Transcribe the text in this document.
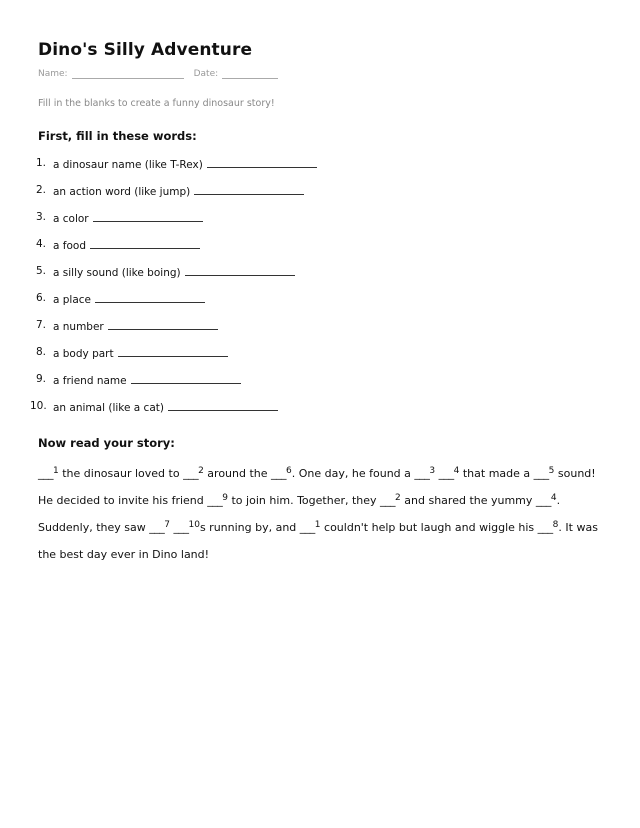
Dino's Silly Adventure
Name:	Date:
Fill in the blanks to create a funny dinosaur story!
First, fill in these words:
1. a dinosaur name (like T-Rex)
2. an action word (like jump)
3. a color
4. a food
5. a silly sound (like boing)
6. a place
7. a number
8. a body part
9. a friend name
10. an animal (like a cat)
Now read your story:
___$^1$ the dinosaur loved to ___$^2$ around the ___$^6$. One day, he found a ___$^3$ ___$^4$ that made a ___$^5$ sound! He decided to invite his friend ___$^9$ to join him. Together, they ___$^2$ and shared the yummy ___$^4$. Suddenly, they saw ___$^7$ ___$^{10}$s running by, and ___$^1$ couldn't help but laugh and wiggle his ___$^8$. It was the best day ever in Dino land!
